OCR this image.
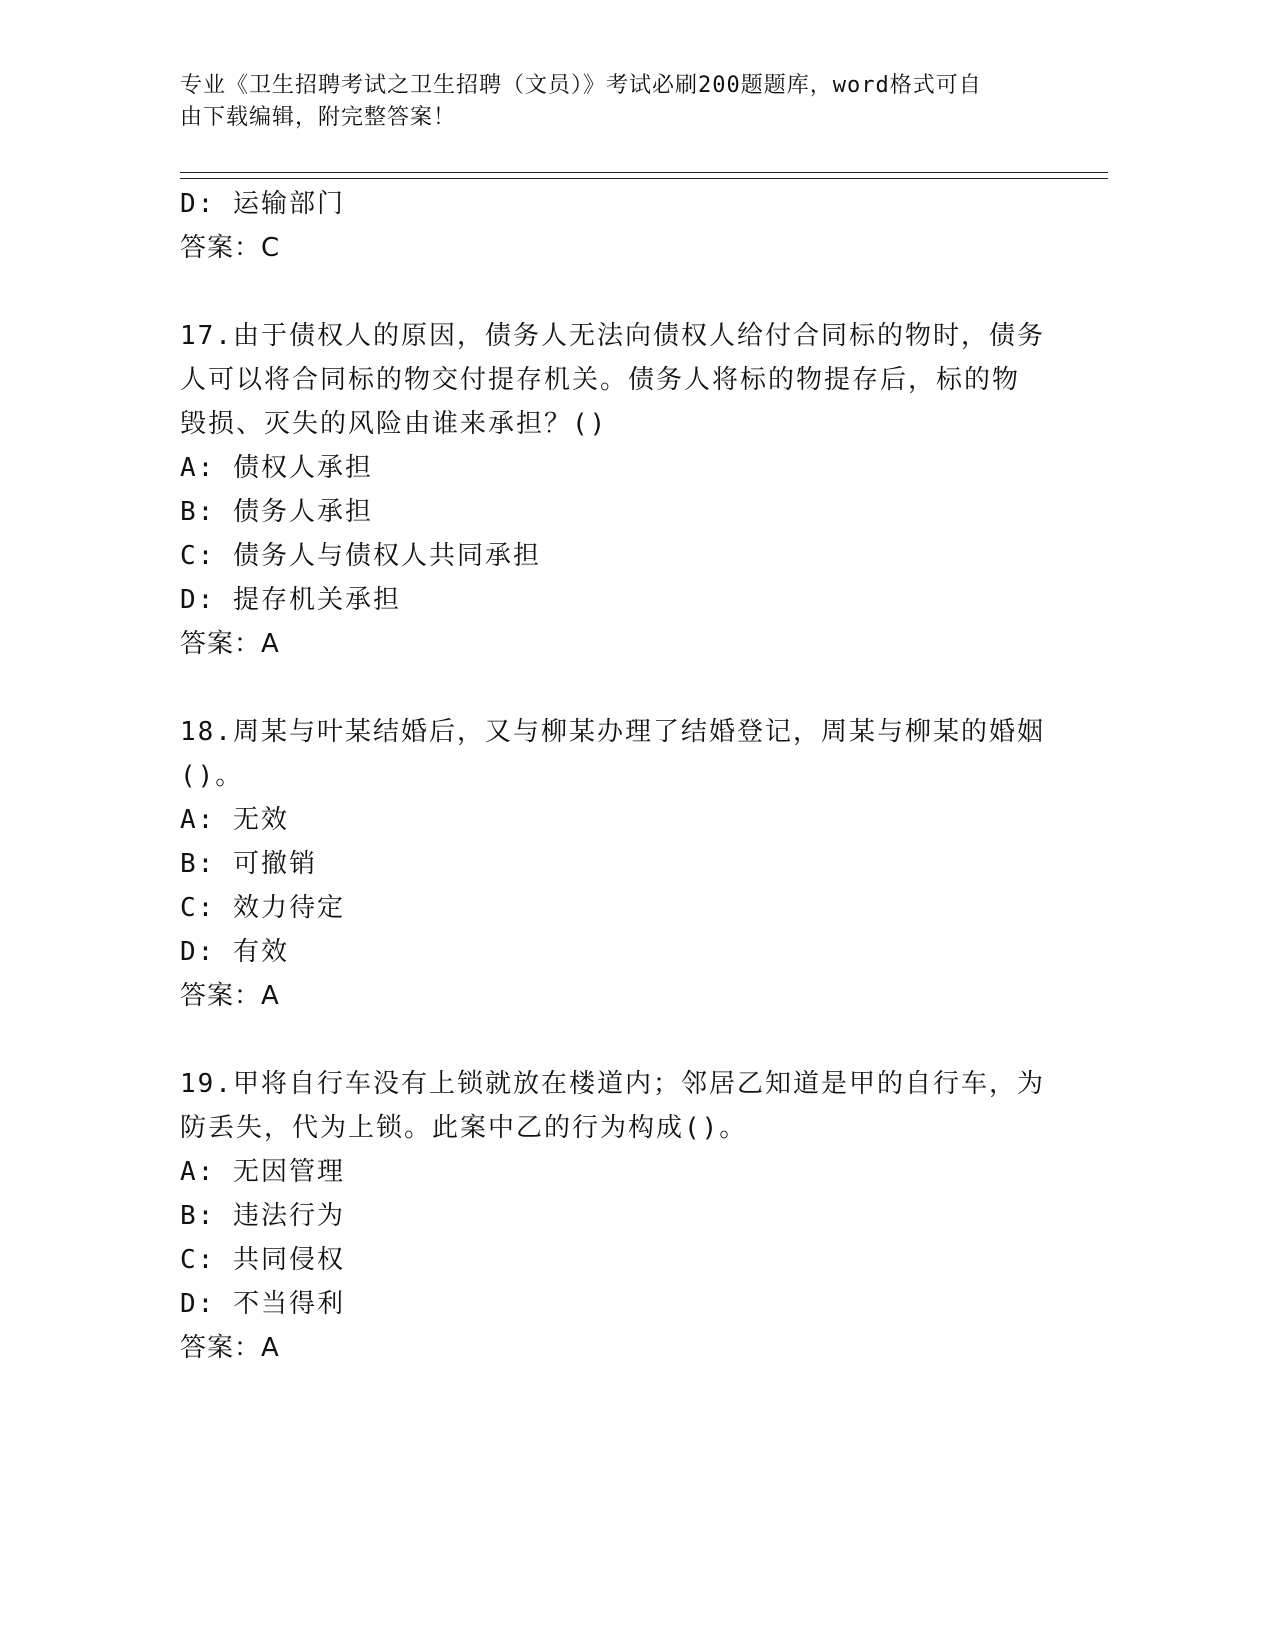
专业《卫生招聘考试之卫生招聘（文员）》考试必刷200题题库，word格式可自
由下载编辑，附完整答案！
D: 运输部门
答案：C
17.由于债权人的原因，债务人无法向债权人给付合同标的物时，债务
人可以将合同标的物交付提存机关。债务人将标的物提存后，标的物
毁损、灭失的风险由谁来承担？()
A: 债权人承担
B: 债务人承担
C: 债务人与债权人共同承担
D: 提存机关承担
答案：A
18.周某与叶某结婚后，又与柳某办理了结婚登记，周某与柳某的婚姻
()。
A: 无效
B: 可撤销
C: 效力待定
D: 有效
答案：A
19.甲将自行车没有上锁就放在楼道内；邻居乙知道是甲的自行车，为
防丢失，代为上锁。此案中乙的行为构成()。
A: 无因管理
B: 违法行为
C: 共同侵权
D: 不当得利
答案：A
